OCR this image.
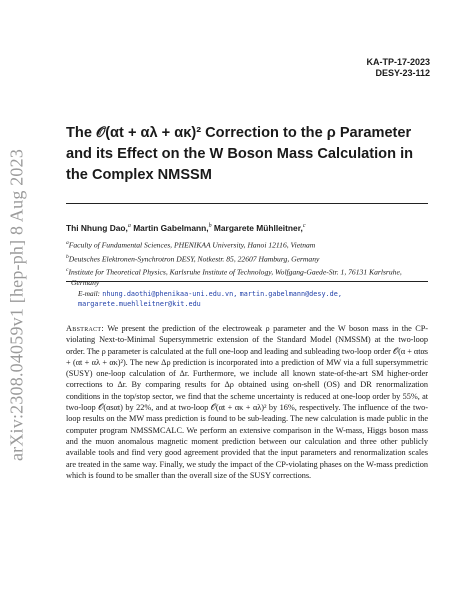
arXiv:2308.04059v1 [hep-ph] 8 Aug 2023
KA-TP-17-2023
DESY-23-112
The 𝒪(αt + αλ + ακ)² Correction to the ρ Parameter and its Effect on the W Boson Mass Calculation in the Complex NMSSM
Thi Nhung Dao,$^a$ Martin Gabelmann,$^b$ Margarete Mühlleitner,$^c$
$^a$Faculty of Fundamental Sciences, PHENIKAA University, Hanoi 12116, Vietnam
$^b$Deutsches Elektronen-Synchrotron DESY, Notkestr. 85, 22607 Hamburg, Germany
$^c$Institute for Theoretical Physics, Karlsruhe Institute of Technology, Wolfgang-Gaede-Str. 1, 76131 Karlsruhe, Germany
E-mail: nhung.daothi@phenikaa-uni.edu.vn, martin.gabelmann@desy.de,
margarete.muehlleitner@kit.edu

Abstract: We present the prediction of the electroweak ρ parameter and the W boson mass in the CP-violating Next-to-Minimal Supersymmetric extension of the Standard Model (NMSSM) at the two-loop order. The ρ parameter is calculated at the full one-loop and leading and subleading two-loop order 𝒪(α + αtαs + (αt + αλ + ακ)²). The new Δρ prediction is incorporated into a prediction of MW via a full supersymmetric (SUSY) one-loop calculation of Δr. Furthermore, we include all known state-of-the-art SM higher-order corrections to Δr. By comparing results for Δρ obtained using on-shell (OS) and DR renormalization conditions in the top/stop sector, we find that the scheme uncertainty is reduced at one-loop order by 55%, at two-loop 𝒪(αsαt) by 22%, and at two-loop 𝒪(αt + ακ + αλ)² by 16%, respectively. The influence of the two-loop results on the MW mass prediction is found to be sub-leading. The new calculation is made public in the computer program NMSSMCALC. We perform an extensive comparison in the W-mass, Higgs boson mass and the muon anomalous magnetic moment prediction between our calculation and three other publicly available tools and find very good agreement provided that the input parameters and renormalization scales are treated in the same way. Finally, we study the impact of the CP-violating phases on the W-mass prediction which is found to be smaller than the overall size of the SUSY corrections.
